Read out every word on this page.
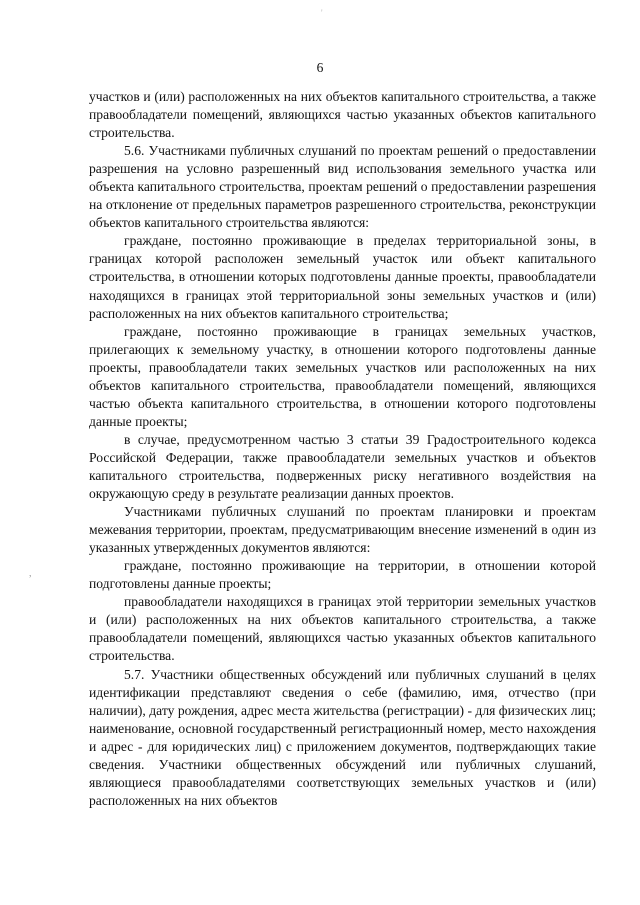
'
6

участков и (или) расположенных на них объектов капитального строительства, а также правообладатели помещений, являющихся частью указанных объектов капитального строительства.

5.6. Участниками публичных слушаний по проектам решений о предоставлении разрешения на условно разрешенный вид использования земельного участка или объекта капитального строительства, проектам решений о предоставлении разрешения на отклонение от предельных параметров разрешенного строительства, реконструкции объектов капитального строительства являются:

граждане, постоянно проживающие в пределах территориальной зоны, в границах которой расположен земельный участок или объект капитального строительства, в отношении которых подготовлены данные проекты, правообладатели находящихся в границах этой территориальной зоны земельных участков и (или) расположенных на них объектов капитального строительства;

граждане, постоянно проживающие в границах земельных участков, прилегающих к земельному участку, в отношении которого подготовлены данные проекты, правообладатели таких земельных участков или расположенных на них объектов капитального строительства, правообладатели помещений, являющихся частью объекта капитального строительства, в отношении которого подготовлены данные проекты;

в случае, предусмотренном частью 3 статьи 39 Градостроительного кодекса Российской Федерации, также правообладатели земельных участков и объектов капитального строительства, подверженных риску негативного воздействия на окружающую среду в результате реализации данных проектов.

Участниками публичных слушаний по проектам планировки и проектам межевания территории, проектам, предусматривающим внесение изменений в один из указанных утвержденных документов являются:

граждане, постоянно проживающие на территории, в отношении которой подготовлены данные проекты;

правообладатели находящихся в границах этой территории земельных участков и (или) расположенных на них объектов капитального строительства, а также правообладатели помещений, являющихся частью указанных объектов капитального строительства.

5.7. Участники общественных обсуждений или публичных слушаний в целях идентификации представляют сведения о себе (фамилию, имя, отчество (при наличии), дату рождения, адрес места жительства (регистрации) - для физических лиц; наименование, основной государственный регистрационный номер, место нахождения и адрес - для юридических лиц) с приложением документов, подтверждающих такие сведения. Участники общественных обсуждений или публичных слушаний, являющиеся правообладателями соответствующих земельных участков и (или) расположенных на них объектов

,
